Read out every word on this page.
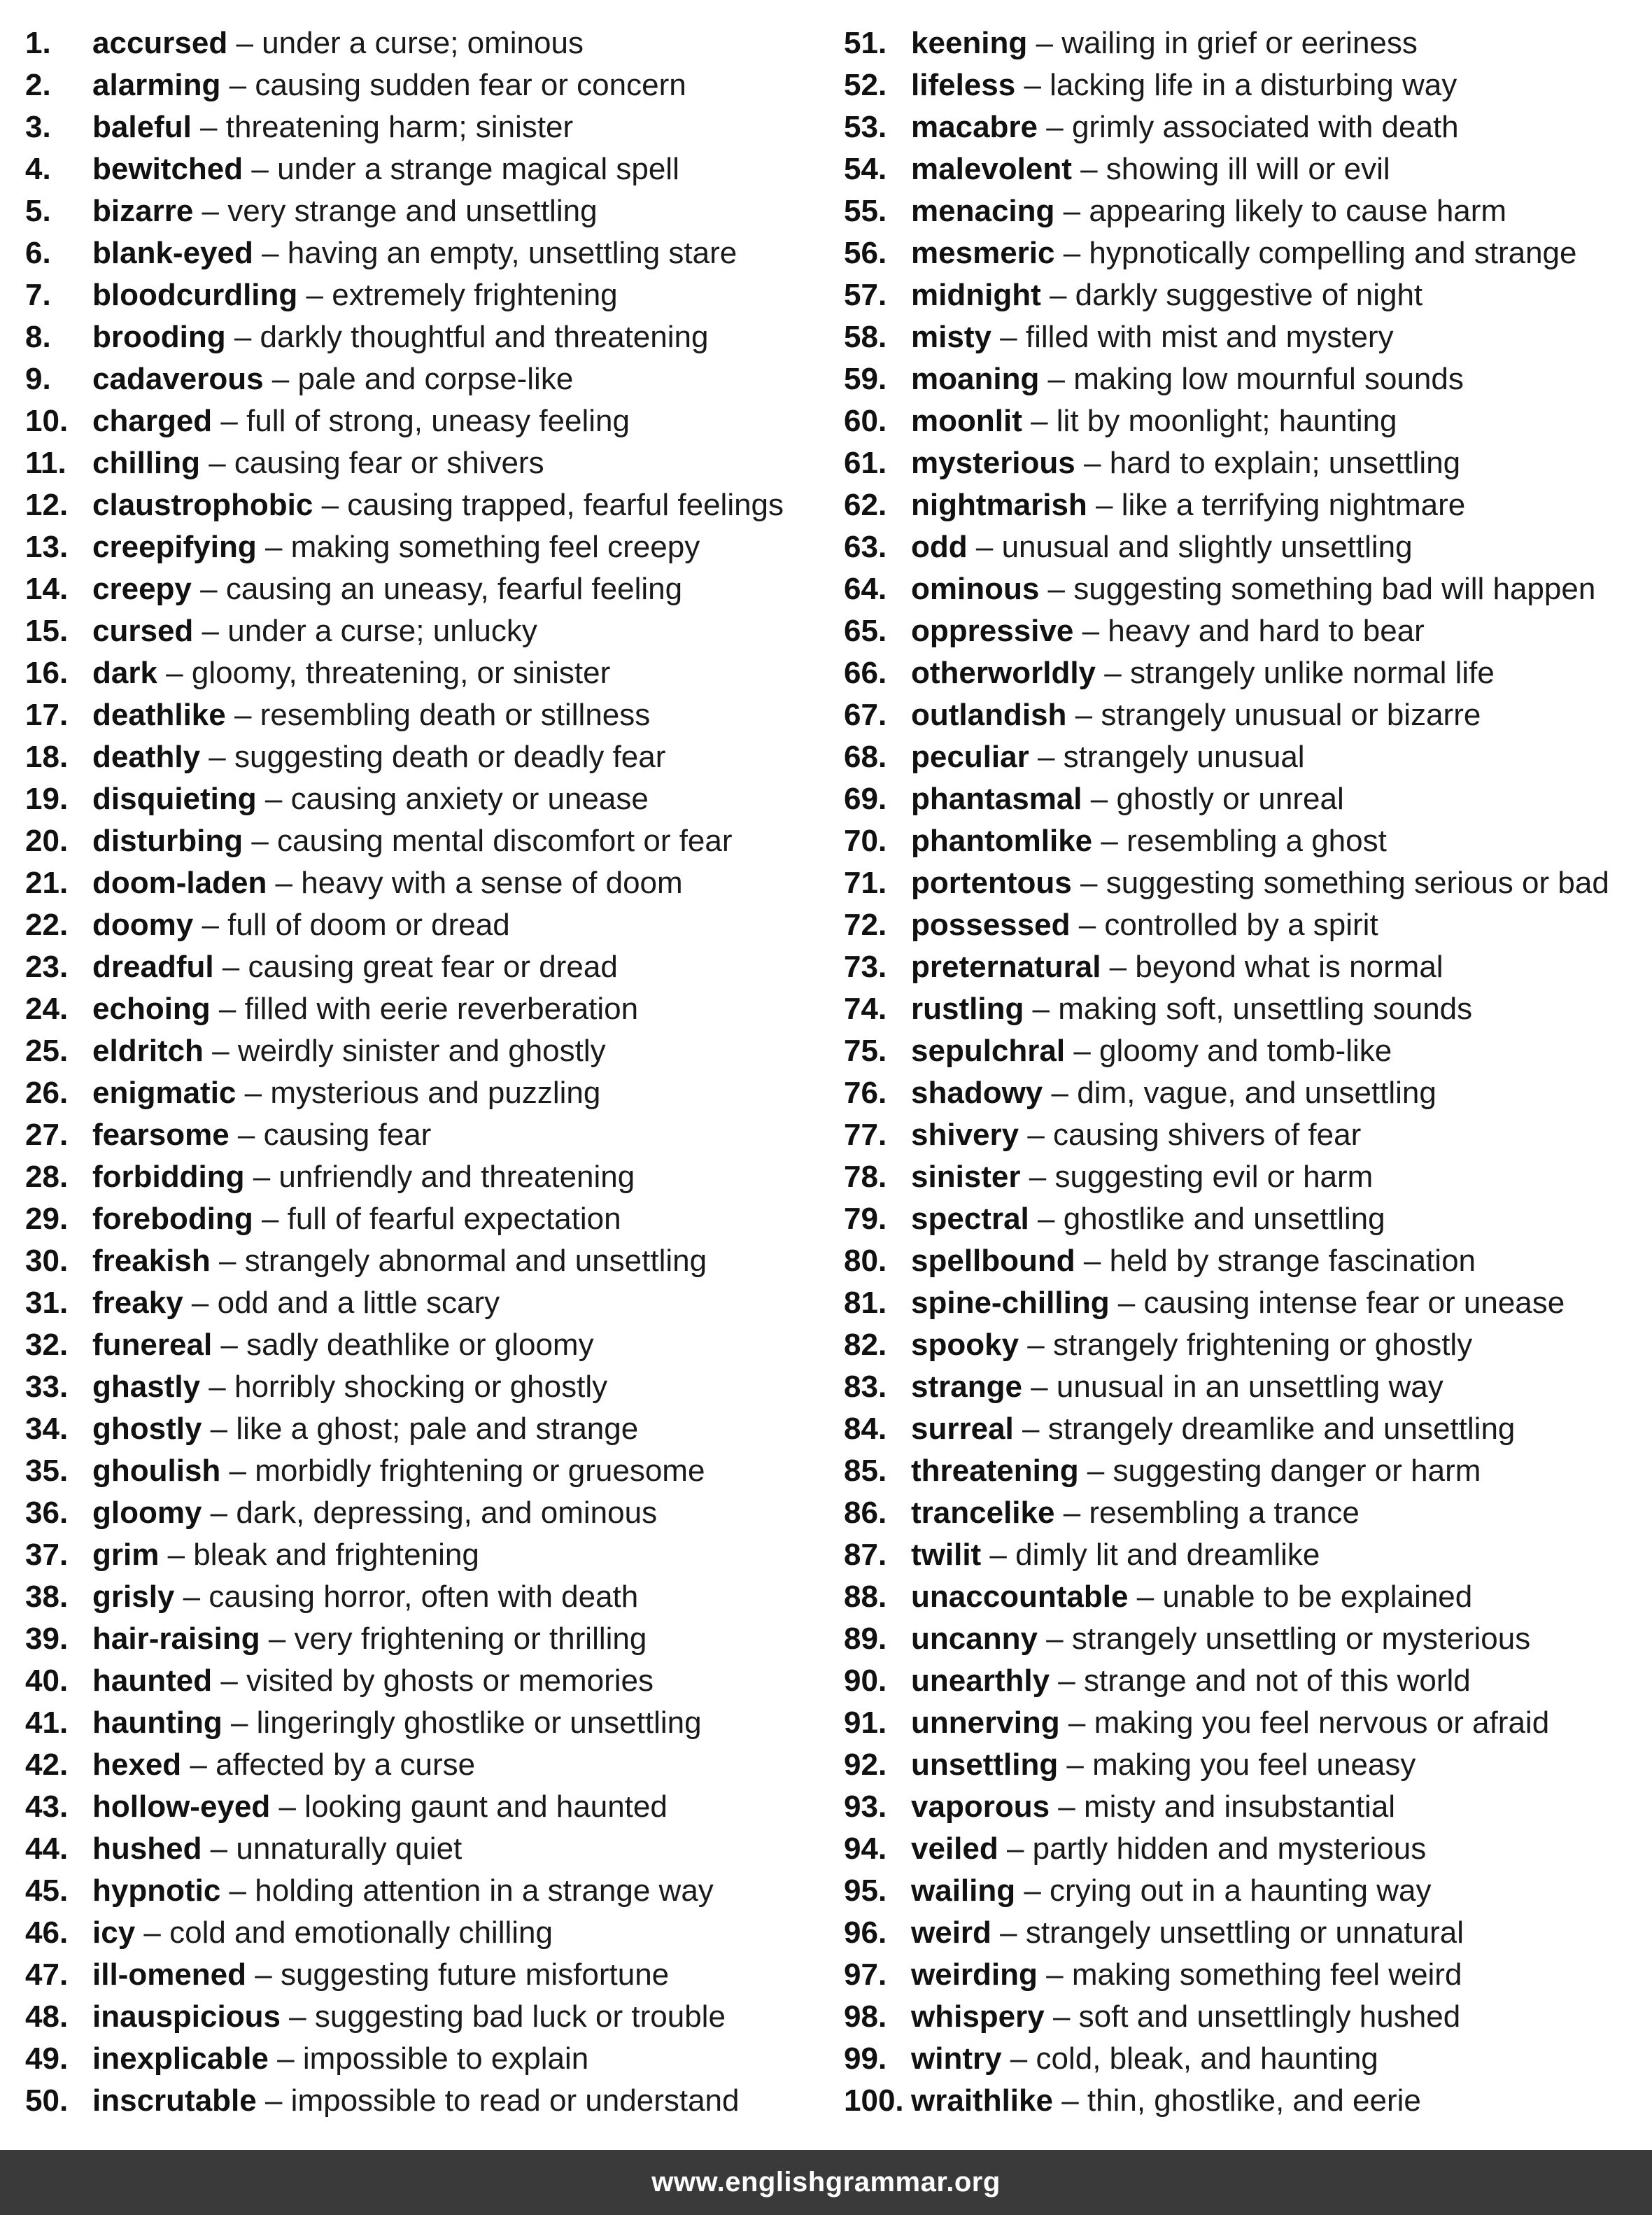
1.	accursed – under a curse; ominous
2.	alarming – causing sudden fear or concern
3.	baleful – threatening harm; sinister
4.	bewitched – under a strange magical spell
5.	bizarre – very strange and unsettling
6.	blank-eyed – having an empty, unsettling stare
7.	bloodcurdling – extremely frightening
8.	brooding – darkly thoughtful and threatening
9.	cadaverous – pale and corpse-like
10. charged – full of strong, uneasy feeling
11. chilling – causing fear or shivers
12. claustrophobic – causing trapped, fearful feelings
13. creepifying – making something feel creepy
14. creepy – causing an uneasy, fearful feeling
15. cursed – under a curse; unlucky
16. dark – gloomy, threatening, or sinister
17. deathlike – resembling death or stillness
18. deathly – suggesting death or deadly fear
19. disquieting – causing anxiety or unease
20. disturbing – causing mental discomfort or fear
21. doom-laden – heavy with a sense of doom
22. doomy – full of doom or dread
23. dreadful – causing great fear or dread
24. echoing – filled with eerie reverberation
25. eldritch – weirdly sinister and ghostly
26. enigmatic – mysterious and puzzling
27. fearsome – causing fear
28. forbidding – unfriendly and threatening
29. foreboding – full of fearful expectation
30. freakish – strangely abnormal and unsettling
31. freaky – odd and a little scary
32. funereal – sadly deathlike or gloomy
33. ghastly – horribly shocking or ghostly
34. ghostly – like a ghost; pale and strange
35. ghoulish – morbidly frightening or gruesome
36. gloomy – dark, depressing, and ominous
37. grim – bleak and frightening
38. grisly – causing horror, often with death
39. hair-raising – very frightening or thrilling
40. haunted – visited by ghosts or memories
41. haunting – lingeringly ghostlike or unsettling
42. hexed – affected by a curse
43. hollow-eyed – looking gaunt and haunted
44. hushed – unnaturally quiet
45. hypnotic – holding attention in a strange way
46. icy – cold and emotionally chilling
47. ill-omened – suggesting future misfortune
48. inauspicious – suggesting bad luck or trouble
49. inexplicable – impossible to explain
50. inscrutable – impossible to read or understand
51. keening – wailing in grief or eeriness
52. lifeless – lacking life in a disturbing way
53. macabre – grimly associated with death
54. malevolent – showing ill will or evil
55. menacing – appearing likely to cause harm
56. mesmeric – hypnotically compelling and strange
57. midnight – darkly suggestive of night
58. misty – filled with mist and mystery
59. moaning – making low mournful sounds
60. moonlit – lit by moonlight; haunting
61. mysterious – hard to explain; unsettling
62. nightmarish – like a terrifying nightmare
63. odd – unusual and slightly unsettling
64. ominous – suggesting something bad will happen
65. oppressive – heavy and hard to bear
66. otherworldly – strangely unlike normal life
67. outlandish – strangely unusual or bizarre
68. peculiar – strangely unusual
69. phantasmal – ghostly or unreal
70. phantomlike – resembling a ghost
71. portentous – suggesting something serious or bad
72. possessed – controlled by a spirit
73. preternatural – beyond what is normal
74. rustling – making soft, unsettling sounds
75. sepulchral – gloomy and tomb-like
76. shadowy – dim, vague, and unsettling
77. shivery – causing shivers of fear
78. sinister – suggesting evil or harm
79. spectral – ghostlike and unsettling
80. spellbound – held by strange fascination
81. spine-chilling – causing intense fear or unease
82. spooky – strangely frightening or ghostly
83. strange – unusual in an unsettling way
84. surreal – strangely dreamlike and unsettling
85. threatening – suggesting danger or harm
86. trancelike – resembling a trance
87. twilit – dimly lit and dreamlike
88. unaccountable – unable to be explained
89. uncanny – strangely unsettling or mysterious
90. unearthly – strange and not of this world
91. unnerving – making you feel nervous or afraid
92. unsettling – making you feel uneasy
93. vaporous – misty and insubstantial
94. veiled – partly hidden and mysterious
95. wailing – crying out in a haunting way
96. weird – strangely unsettling or unnatural
97. weirding – making something feel weird
98. whispery – soft and unsettlingly hushed
99. wintry – cold, bleak, and haunting
100. wraithlike – thin, ghostlike, and eerie
www.englishgrammar.org
